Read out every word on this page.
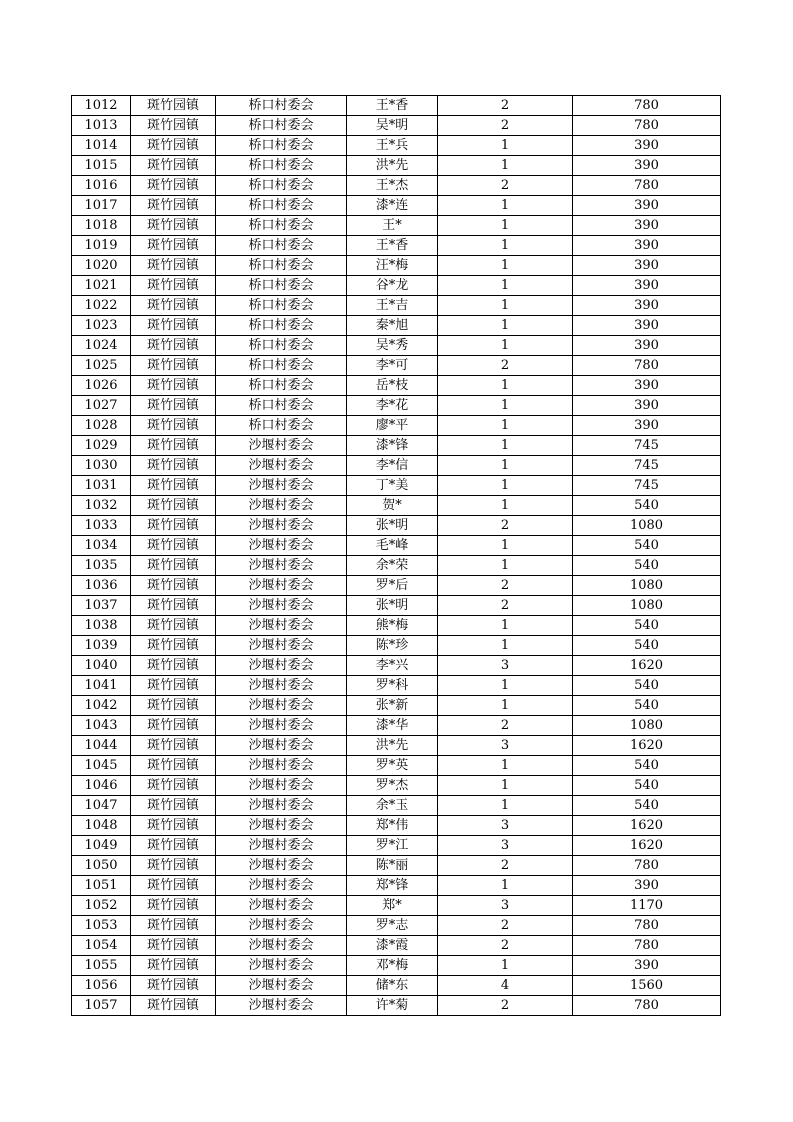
1012	斑竹园镇	桥口村委会	王*香	2	780
1013	斑竹园镇	桥口村委会	吴*明	2	780
1014	斑竹园镇	桥口村委会	王*兵	1	390
1015	斑竹园镇	桥口村委会	洪*先	1	390
1016	斑竹园镇	桥口村委会	王*杰	2	780
1017	斑竹园镇	桥口村委会	漆*连	1	390
1018	斑竹园镇	桥口村委会	王*	1	390
1019	斑竹园镇	桥口村委会	王*香	1	390
1020	斑竹园镇	桥口村委会	汪*梅	1	390
1021	斑竹园镇	桥口村委会	谷*龙	1	390
1022	斑竹园镇	桥口村委会	王*吉	1	390
1023	斑竹园镇	桥口村委会	秦*旭	1	390
1024	斑竹园镇	桥口村委会	吴*秀	1	390
1025	斑竹园镇	桥口村委会	李*可	2	780
1026	斑竹园镇	桥口村委会	岳*枝	1	390
1027	斑竹园镇	桥口村委会	李*花	1	390
1028	斑竹园镇	桥口村委会	廖*平	1	390
1029	斑竹园镇	沙堰村委会	漆*锋	1	745
1030	斑竹园镇	沙堰村委会	李*信	1	745
1031	斑竹园镇	沙堰村委会	丁*美	1	745
1032	斑竹园镇	沙堰村委会	贺*	1	540
1033	斑竹园镇	沙堰村委会	张*明	2	1080
1034	斑竹园镇	沙堰村委会	毛*峰	1	540
1035	斑竹园镇	沙堰村委会	余*荣	1	540
1036	斑竹园镇	沙堰村委会	罗*后	2	1080
1037	斑竹园镇	沙堰村委会	张*明	2	1080
1038	斑竹园镇	沙堰村委会	熊*梅	1	540
1039	斑竹园镇	沙堰村委会	陈*珍	1	540
1040	斑竹园镇	沙堰村委会	李*兴	3	1620
1041	斑竹园镇	沙堰村委会	罗*科	1	540
1042	斑竹园镇	沙堰村委会	张*新	1	540
1043	斑竹园镇	沙堰村委会	漆*华	2	1080
1044	斑竹园镇	沙堰村委会	洪*先	3	1620
1045	斑竹园镇	沙堰村委会	罗*英	1	540
1046	斑竹园镇	沙堰村委会	罗*杰	1	540
1047	斑竹园镇	沙堰村委会	余*玉	1	540
1048	斑竹园镇	沙堰村委会	郑*伟	3	1620
1049	斑竹园镇	沙堰村委会	罗*江	3	1620
1050	斑竹园镇	沙堰村委会	陈*丽	2	780
1051	斑竹园镇	沙堰村委会	郑*锋	1	390
1052	斑竹园镇	沙堰村委会	郑*	3	1170
1053	斑竹园镇	沙堰村委会	罗*志	2	780
1054	斑竹园镇	沙堰村委会	漆*霞	2	780
1055	斑竹园镇	沙堰村委会	邓*梅	1	390
1056	斑竹园镇	沙堰村委会	储*东	4	1560
1057	斑竹园镇	沙堰村委会	许*菊	2	780
